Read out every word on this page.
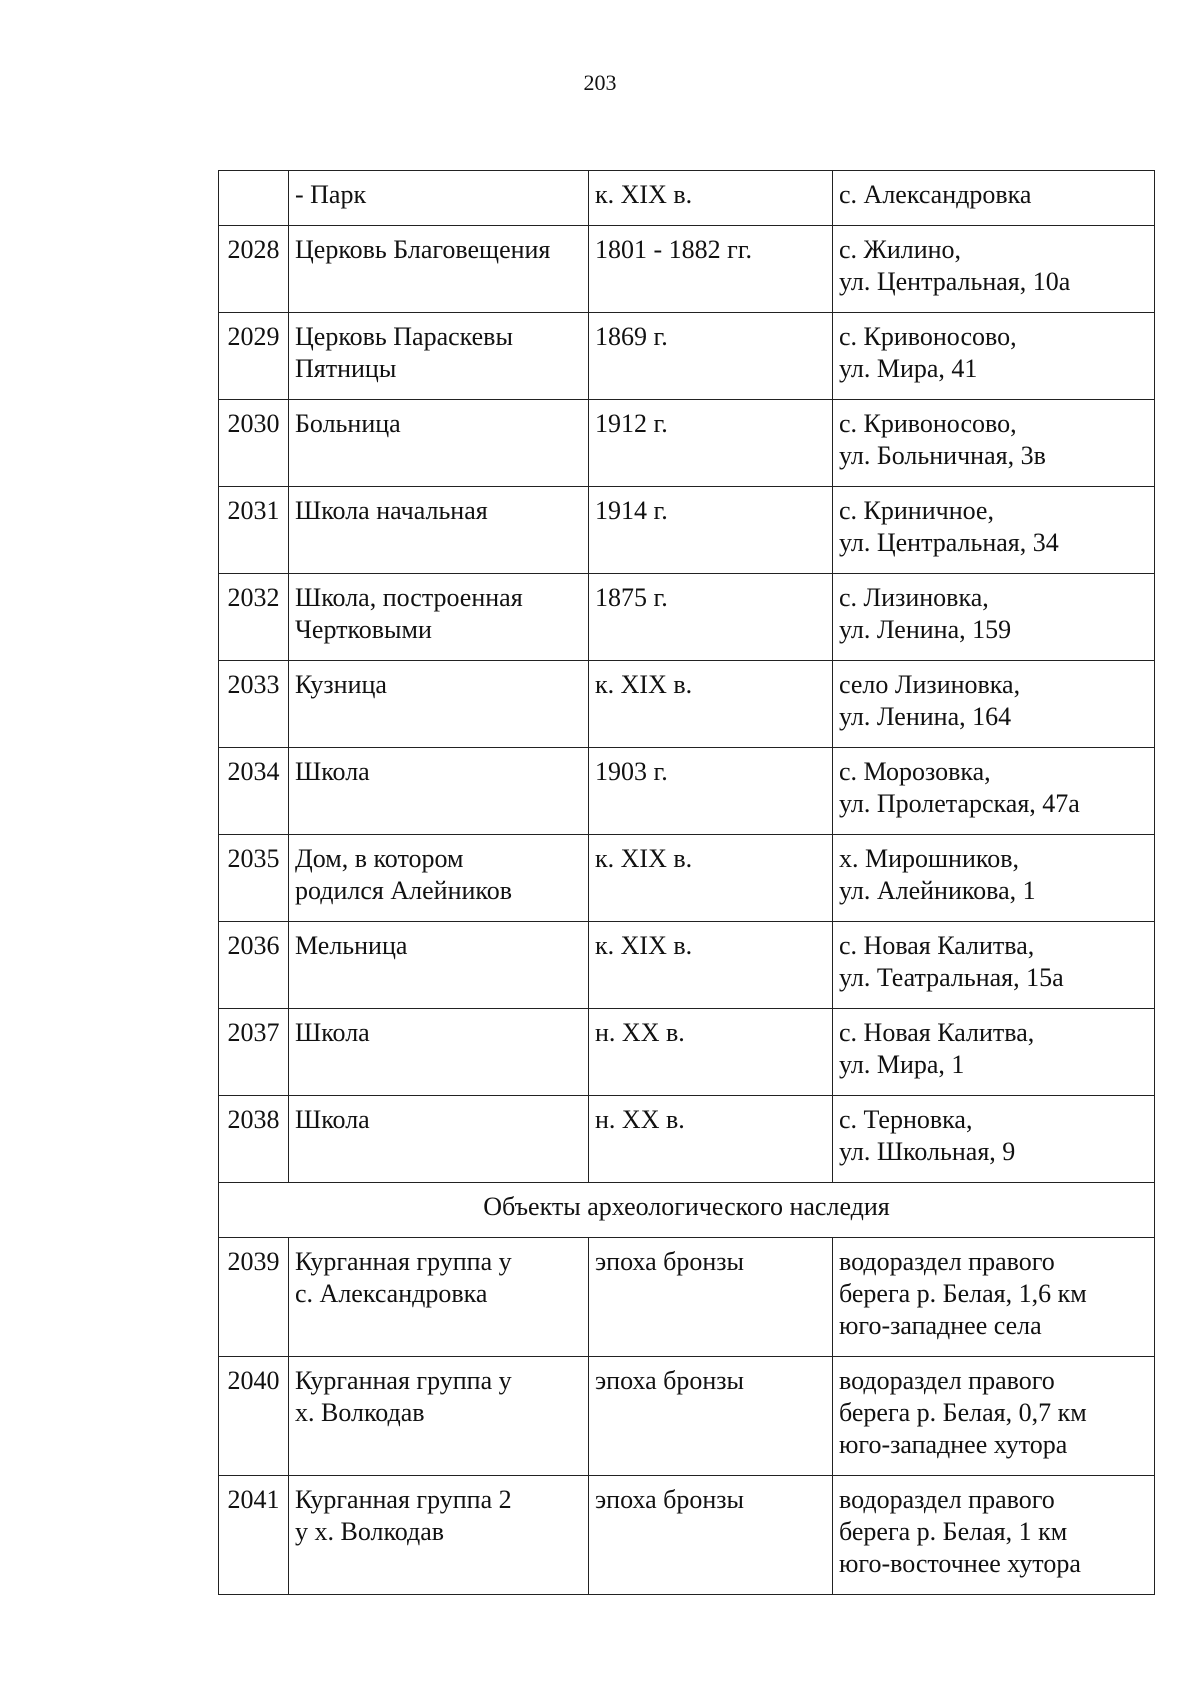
203

	- Парк	к. XIX в.	с. Александровка

2028	Церковь Благовещения	1801 - 1882 гг.	с. Жилино,
ул. Центральная, 10а

2029	Церковь Параскевы
Пятницы	1869 г.	с. Кривоносово,
ул. Мира, 41

2030	Больница	1912 г.	с. Кривоносово,
ул. Больничная, 3в

2031	Школа начальная	1914 г.	с. Криничное,
ул. Центральная, 34

2032	Школа, построенная
Чертковыми	1875 г.	с. Лизиновка,
ул. Ленина, 159

2033	Кузница	к. XIX в.	село Лизиновка,
ул. Ленина, 164

2034	Школа	1903 г.	с. Морозовка,
ул. Пролетарская, 47а

2035	Дом, в котором
родился Алейников	к. XIX в.	х. Мирошников,
ул. Алейникова, 1

2036	Мельница	к. XIX в.	с. Новая Калитва,
ул. Театральная, 15а

2037	Школа	н. XX в.	с. Новая Калитва,
ул. Мира, 1

2038	Школа	н. XX в.	с. Терновка,
ул. Школьная, 9

Объекты археологического наследия			
2039	Курганная группа у
с. Александровка	эпоха бронзы	водораздел правого
берега р. Белая, 1,6 км
юго-западнее села

2040	Курганная группа у
х. Волкодав	эпоха бронзы	водораздел правого
берега р. Белая, 0,7 км
юго-западнее хутора

2041	Курганная группа 2
у х. Волкодав	эпоха бронзы	водораздел правого
берега р. Белая, 1 км
юго-восточнее хутора
